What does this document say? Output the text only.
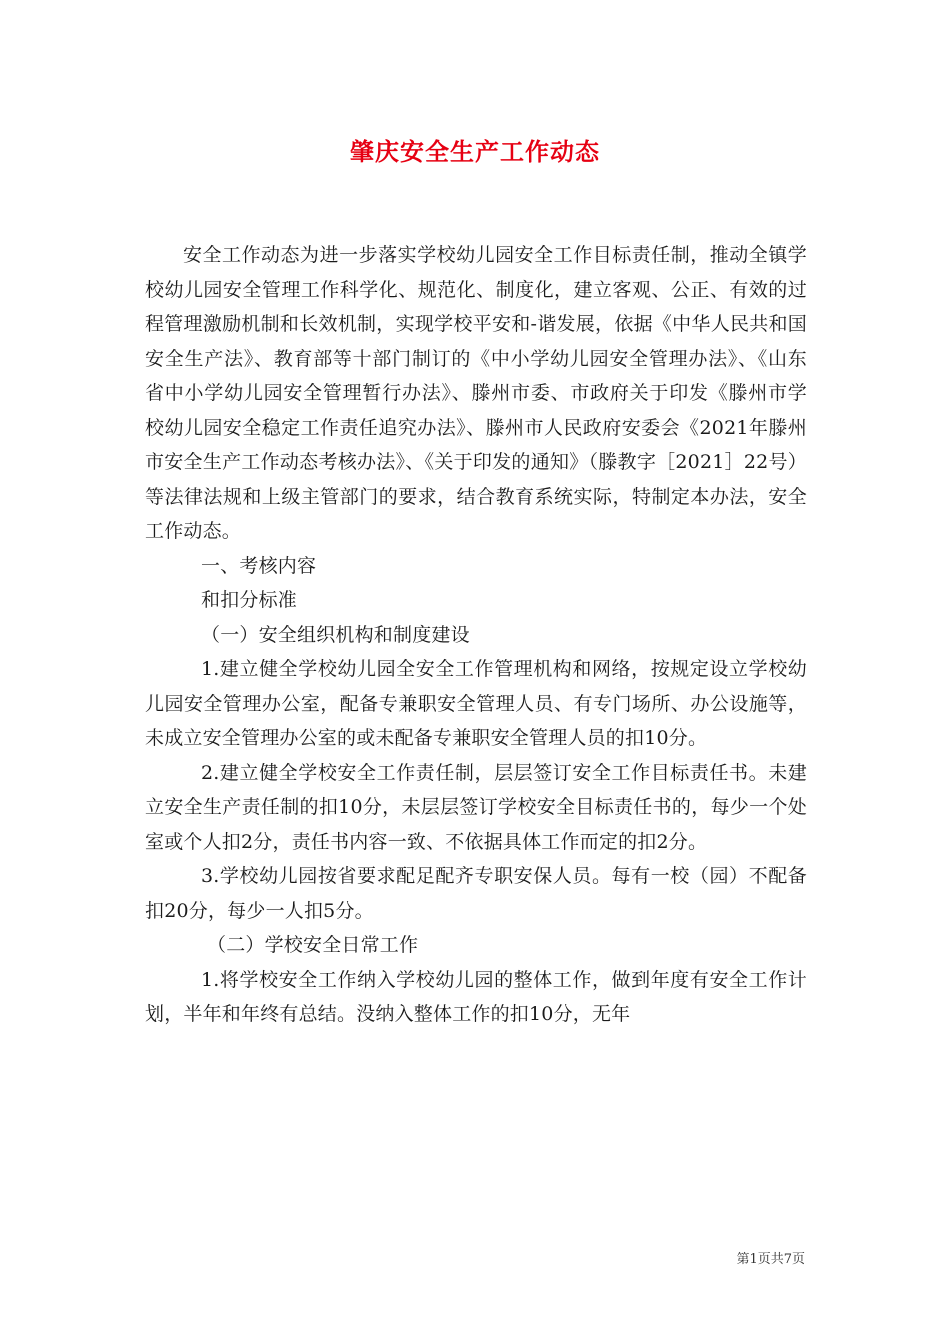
肇庆安全生产工作动态

安全工作动态为进一步落实学校幼儿园安全工作目标责任制，推动全镇学校幼儿园安全管理工作科学化、规范化、制度化，建立客观、公正、有效的过程管理激励机制和长效机制，实现学校平安和-谐发展，依据《中华人民共和国安全生产法》、教育部等十部门制订的《中小学幼儿园安全管理办法》、《山东省中小学幼儿园安全管理暂行办法》、滕州市委、市政府关于印发《滕州市学校幼儿园安全稳定工作责任追究办法》、滕州市人民政府安委会《2021年滕州市安全生产工作动态考核办法》、《关于印发的通知》（滕教字［2021］22号）等法律法规和上级主管部门的要求，结合教育系统实际，特制定本办法，安全工作动态。

一、考核内容

和扣分标准

（一）安全组织机构和制度建设

1.建立健全学校幼儿园全安全工作管理机构和网络，按规定设立学校幼儿园安全管理办公室，配备专兼职安全管理人员、有专门场所、办公设施等，未成立安全管理办公室的或未配备专兼职安全管理人员的扣10分。

2.建立健全学校安全工作责任制，层层签订安全工作目标责任书。未建立安全生产责任制的扣10分，未层层签订学校安全目标责任书的，每少一个处室或个人扣2分，责任书内容一致、不依据具体工作而定的扣2分。

3.学校幼儿园按省要求配足配齐专职安保人员。每有一校（园）不配备扣20分，每少一人扣5分。

（二）学校安全日常工作

1.将学校安全工作纳入学校幼儿园的整体工作，做到年度有安全工作计划，半年和年终有总结。没纳入整体工作的扣10分，无年

第1页共7页
